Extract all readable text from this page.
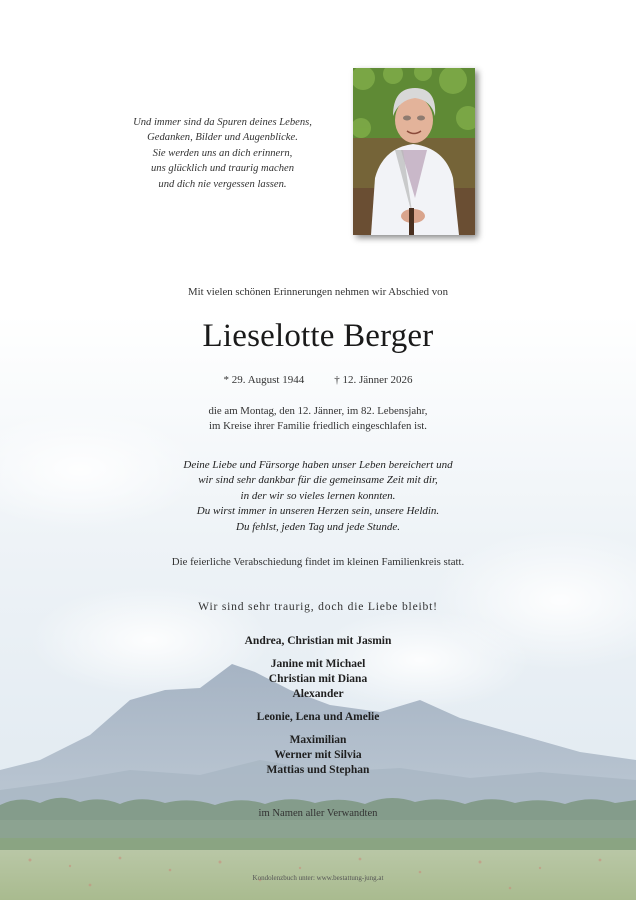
Und immer sind da Spuren deines Lebens,
Gedanken, Bilder und Augenblicke.
Sie werden uns an dich erinnern,
uns glücklich und traurig machen
und dich nie vergessen lassen.
Mit vielen schönen Erinnerungen nehmen wir Abschied von
Lieselotte Berger
* 29. August 1944	† 12. Jänner 2026
die am Montag, den 12. Jänner, im 82. Lebensjahr,
im Kreise ihrer Familie friedlich eingeschlafen ist.
Deine Liebe und Fürsorge haben unser Leben bereichert und
wir sind sehr dankbar für die gemeinsame Zeit mit dir,
in der wir so vieles lernen konnten.
Du wirst immer in unseren Herzen sein, unsere Heldin.
Du fehlst, jeden Tag und jede Stunde.
Die feierliche Verabschiedung findet im kleinen Familienkreis statt.
Wir sind sehr traurig, doch die Liebe bleibt!
Andrea, Christian mit Jasmin
Janine mit Michael
Christian mit Diana
Alexander
Leonie, Lena und Amelie
Maximilian
Werner mit Silvia
Mattias und Stephan
im Namen aller Verwandten
Kondolenzbuch unter: www.bestattung-jung.at
